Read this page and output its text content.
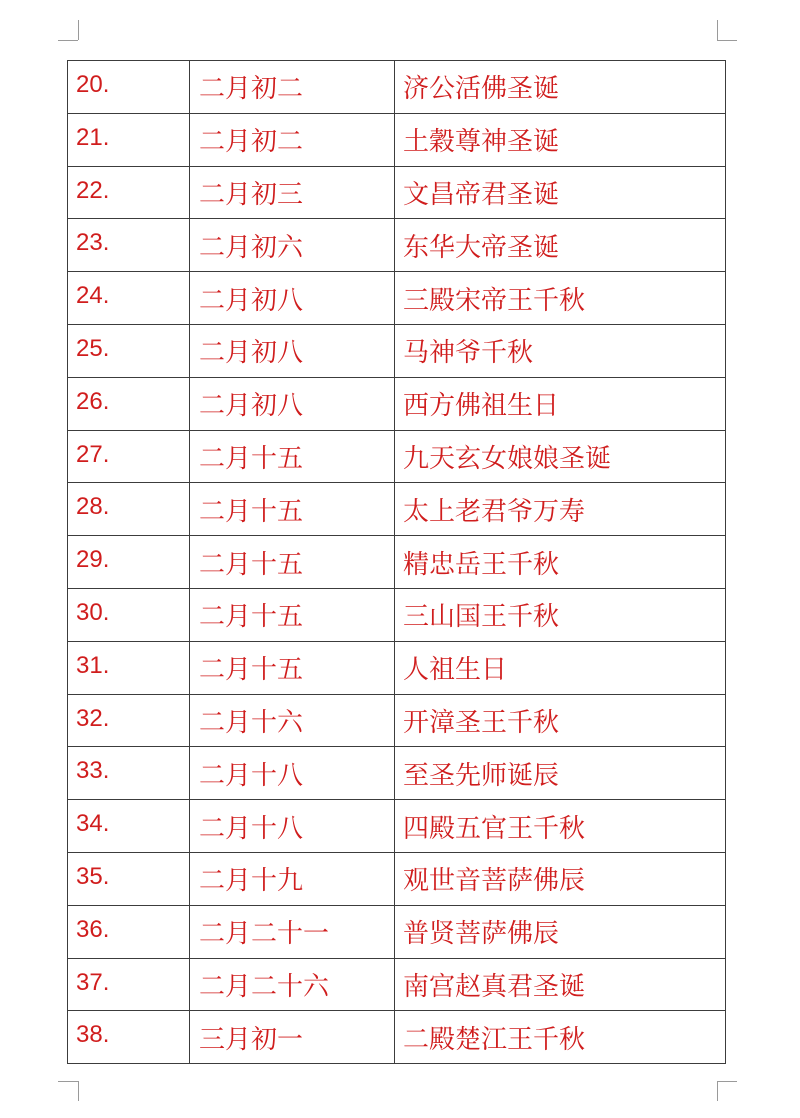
20.	二月初二	济公活佛圣诞
21.	二月初二	土穀尊神圣诞
22.	二月初三	文昌帝君圣诞
23.	二月初六	东华大帝圣诞
24.	二月初八	三殿宋帝王千秋
25.	二月初八	马神爷千秋
26.	二月初八	西方佛祖生日
27.	二月十五	九天玄女娘娘圣诞
28.	二月十五	太上老君爷万寿
29.	二月十五	精忠岳王千秋
30.	二月十五	三山国王千秋
31.	二月十五	人祖生日
32.	二月十六	开漳圣王千秋
33.	二月十八	至圣先师诞辰
34.	二月十八	四殿五官王千秋
35.	二月十九	观世音菩萨佛辰
36.	二月二十一	普贤菩萨佛辰
37.	二月二十六	南宫赵真君圣诞
38.	三月初一	二殿楚江王千秋
